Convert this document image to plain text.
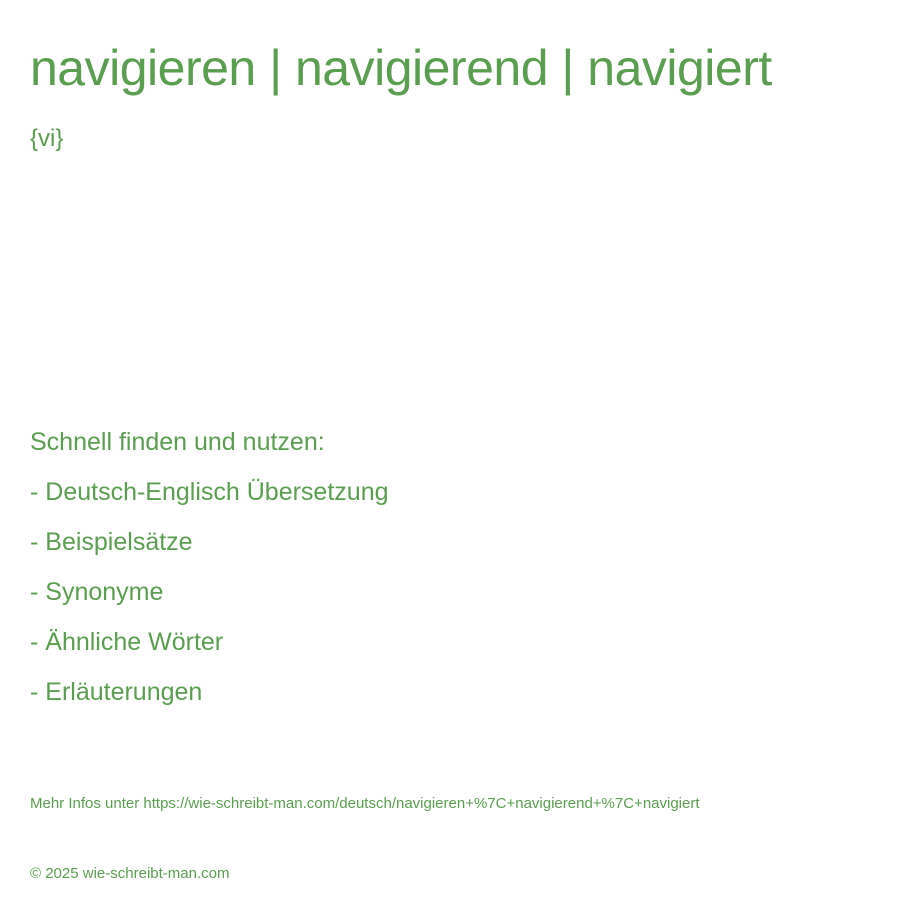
navigieren | navigierend | navigiert
{vi}
Schnell finden und nutzen:
- Deutsch-Englisch Übersetzung
- Beispielsätze
- Synonyme
- Ähnliche Wörter
- Erläuterungen
Mehr Infos unter https://wie-schreibt-man.com/deutsch/navigieren+%7C+navigierend+%7C+navigiert
© 2025 wie-schreibt-man.com
